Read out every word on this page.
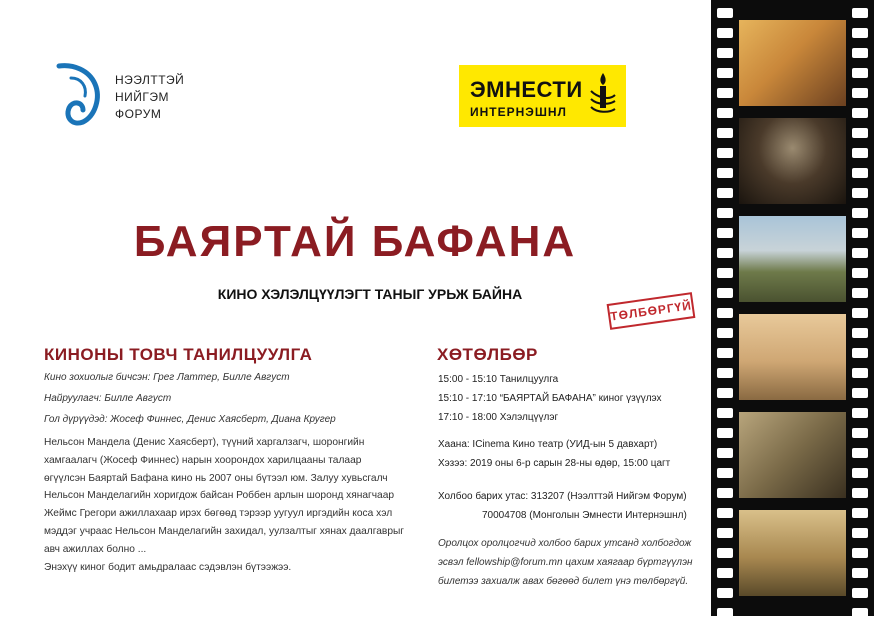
НЭЭЛТТЭЙ
НИЙГЭМ
ФОРУМ
ЭМНЕСТИ
ИНТЕРНЭШНЛ
БАЯРТАЙ БАФАНА
КИНО ХЭЛЭЛЦҮҮЛЭГТ ТАНЫГ УРЬЖ БАЙНА
ТӨЛБӨРГҮЙ
КИНОНЫ ТОВЧ ТАНИЛЦУУЛГА
Кино зохиолыг бичсэн: Грег Латтер, Билле Август
Найруулагч: Билле Август
Гол дүрүүдэд: Жосеф Финнес, Денис Хаясберт, Диана Кругер

Нельсон Мандела (Денис Хаясберт), түүний харгалзагч, шоронгийн

хамгаалагч (Жосеф Финнес) нарын хоорондох харилцааны талаар

өгүүлсэн Баяртай Бафана кино нь 2007 оны бүтээл юм. Залуу хувьсгалч

Нельсон Манделагийн хоригдож байсан Роббен арлын шоронд хянагчаар

Жеймс Грегори ажиллахаар ирэх бөгөөд тэрээр уугуул иргэдийн коса хэл

мэддэг учраас Нельсон Манделагийн захидал, уулзалтыг хянах даалгаврыг

авч ажиллах болно ...

Энэхүү киног бодит амьдралаас сэдэвлэн бүтээжээ.

ХӨТӨЛБӨР
15:00 - 15:10 Танилцуулга
15:10 - 17:10 “БАЯРТАЙ БАФАНА” киног үзүүлэх
17:10 - 18:00 Хэлэлцүүлэг
Хаана: ICinema Кино театр (УИД-ын 5 давхарт)
Хэзээ: 2019 оны 6-р сарын 28-ны өдөр, 15:00 цагт
Холбоо барих утас: 313207 (Нээлттэй Нийгэм Форум)
70004708 (Монголын Эмнести Интернэшнл)
Оролцох оролцогчид холбоо барих утсанд холбогдож
эсвэл fellowship@forum.mn цахим хаягаар бүртгүүлэн
билетээ захиалж авах бөгөөд билет үнэ төлбөргүй.
